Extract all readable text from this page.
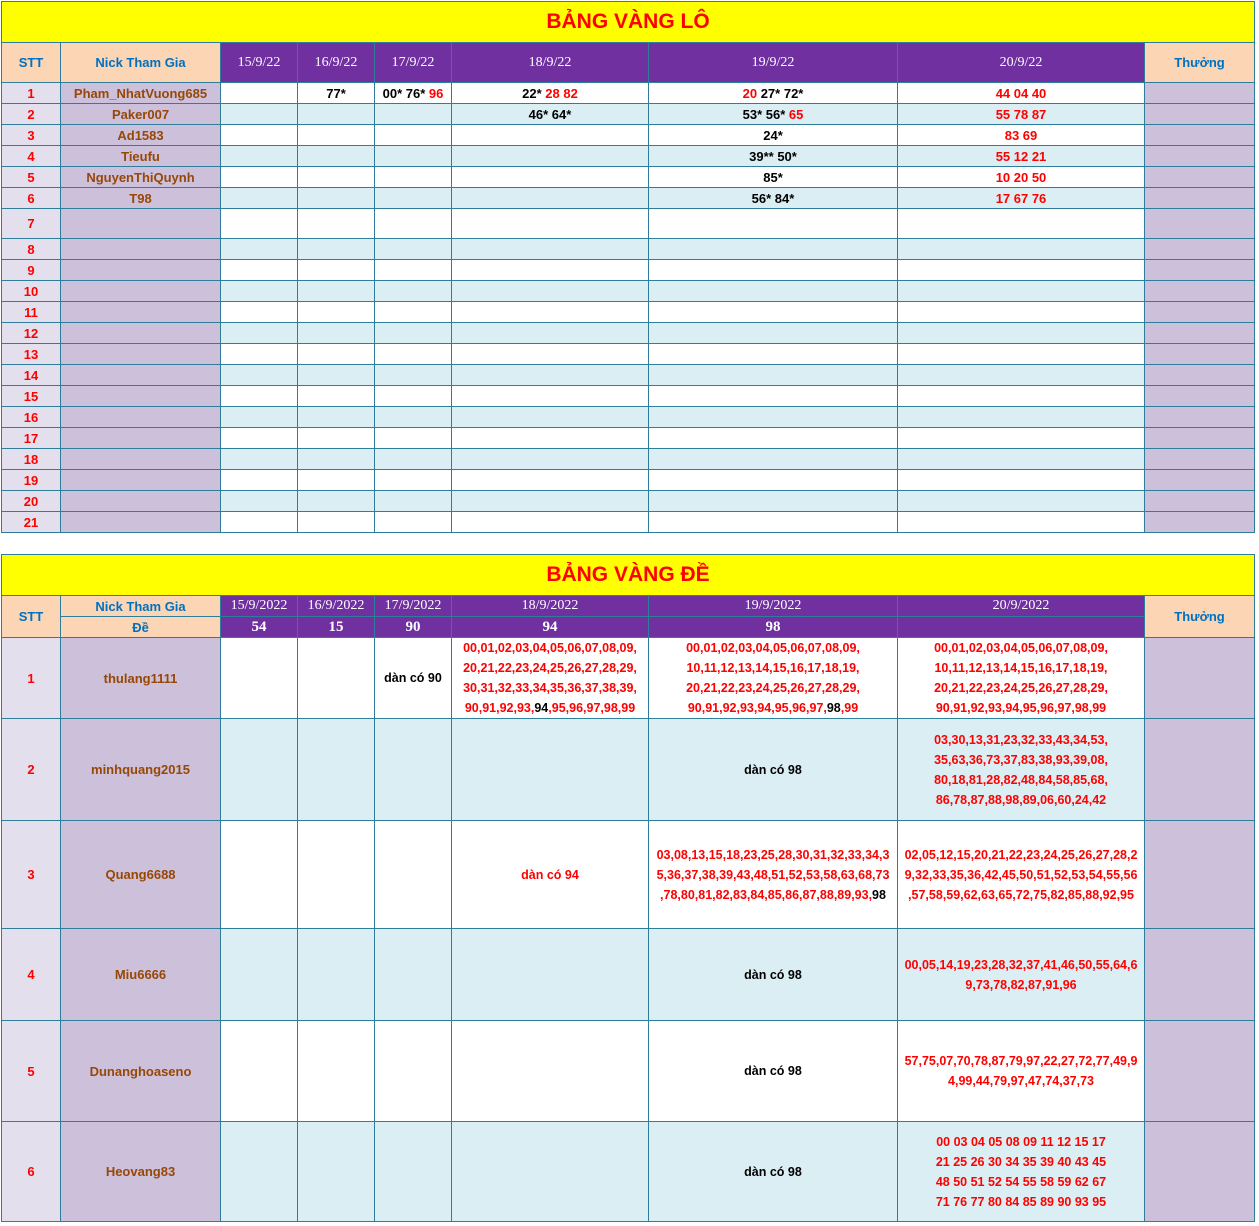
BẢNG VÀNG LÔ								
STT	Nick Tham Gia	15/9/22	16/9/22	17/9/22	18/9/22	19/9/22	20/9/22	Thưởng
1	Pham_NhatVuong685		77*	00* 76* 96	22* 28 82	20 27* 72*	44 04 40	

2	Paker007				46* 64*	53* 56* 65	55 78 87	

3	Ad1583					24*	83 69	

4	Tieufu					39** 50*	55 12 21	

5	NguyenThiQuynh					85*	10 20 50	

6	T98					56* 84*	17 67 76	

7		

8		

9		

10		

11		

12		

13		

14		

15		

16		

17		

18		

19		

20		

21		

BẢNG VÀNG ĐỀ								
STT	Nick Tham Gia	15/9/2022	16/9/2022	17/9/2022	18/9/2022	19/9/2022	20/9/2022	Thưởng
	Đề	54	15	90	94	98		
1	thulang1111			dàn có 90	00,01,02,03,04,05,06,07,08,09,
20,21,22,23,24,25,26,27,28,29,
30,31,32,33,34,35,36,37,38,39,
90,91,92,93,94,95,96,97,98,99	00,01,02,03,04,05,06,07,08,09,
10,11,12,13,14,15,16,17,18,19,
20,21,22,23,24,25,26,27,28,29,
90,91,92,93,94,95,96,97,98,99	00,01,02,03,04,05,06,07,08,09,
10,11,12,13,14,15,16,17,18,19,
20,21,22,23,24,25,26,27,28,29,
90,91,92,93,94,95,96,97,98,99	

2	minhquang2015					dàn có 98	03,30,13,31,23,32,33,43,34,53,
35,63,36,73,37,83,38,93,39,08,
80,18,81,28,82,48,84,58,85,68,
86,78,87,88,98,89,06,60,24,42	

3	Quang6688				dàn có 94	03,08,13,15,18,23,25,28,30,31,32,33,34,3
5,36,37,38,39,43,48,51,52,53,58,63,68,73
,78,80,81,82,83,84,85,86,87,88,89,93,98	02,05,12,15,20,21,22,23,24,25,26,27,28,2
9,32,33,35,36,42,45,50,51,52,53,54,55,56
,57,58,59,62,63,65,72,75,82,85,88,92,95	

4	Miu6666					dàn có 98	00,05,14,19,23,28,32,37,41,46,50,55,64,6
9,73,78,82,87,91,96	

5	Dunanghoaseno					dàn có 98	57,75,07,70,78,87,79,97,22,27,72,77,49,9
4,99,44,79,97,47,74,37,73	

6	Heovang83					dàn có 98	00 03 04 05 08 09 11 12 15 17
21 25 26 30 34 35 39 40 43 45
48 50 51 52 54 55 58 59 62 67
71 76 77 80 84 85 89 90 93 95	
